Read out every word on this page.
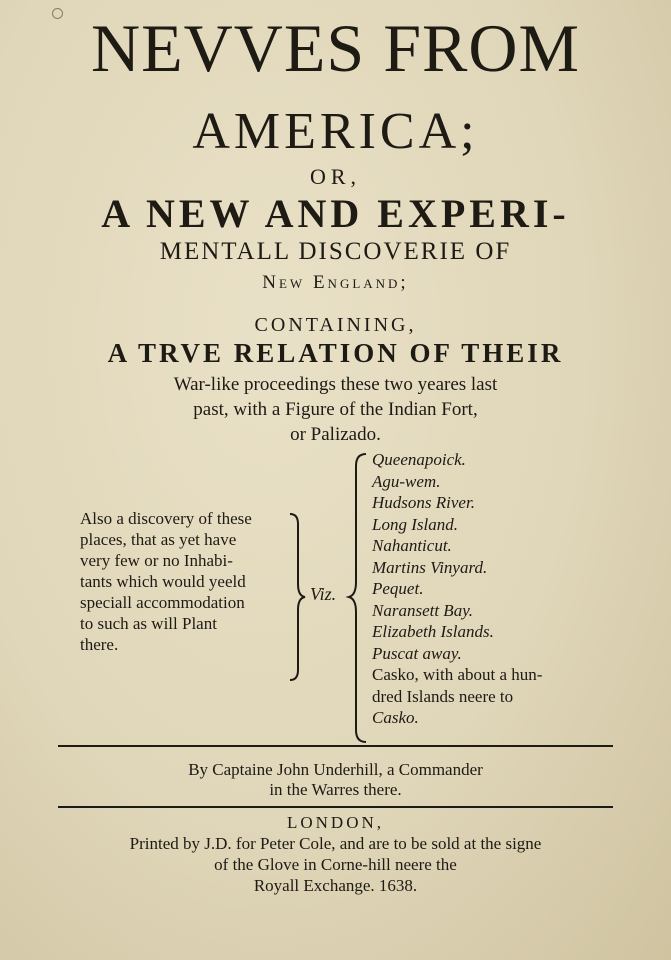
NEVVES FROM
AMERICA;
OR,
A NEW AND EXPERI-
MENTALL DISCOVERIE OF
New England;
CONTAINING,
A TRVE RELATION OF THEIR
War-like proceedings these two yeares last
past, with a Figure of the Indian Fort,
or Palizado.
Also a discovery of these
places, that as yet have
very few or no Inhabi-
tants which would yeeld
speciall accommodation
to such as will Plant
there.
Viz.
Queenapoick.
Agu-wem.
Hudsons River.
Long Island.
Nahanticut.
Martins Vinyard.
Pequet.
Naransett Bay.
Elizabeth Islands.
Puscat away.
Casko, with about a hun-
dred Islands neere to
Casko.
By Captaine John Underhill, a Commander
in the Warres there.
LONDON,
Printed by J.D. for Peter Cole, and are to be sold at the signe
of the Glove in Corne-hill neere the
Royall Exchange. 1638.
